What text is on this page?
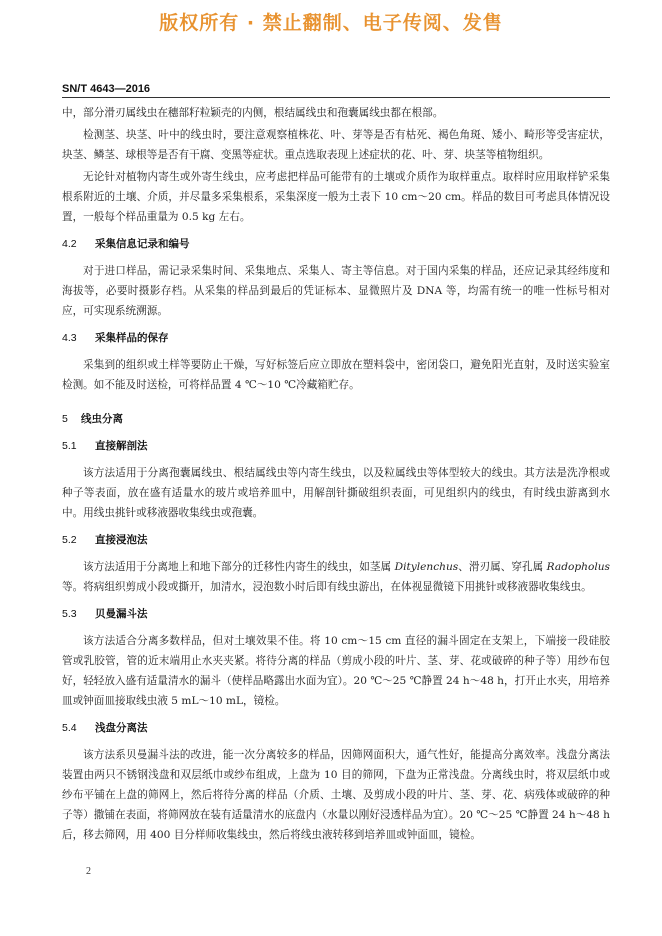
版权所有 · 禁止翻制、电子传阅、发售
SN/T 4643—2016

中，部分滑刃属线虫在穗部籽粒颖壳的内侧，根结属线虫和孢囊属线虫都在根部。

检测茎、块茎、叶中的线虫时，要注意观察植株花、叶、芽等是否有枯死、褐色角斑、矮小、畸形等受害症状，块茎、鳞茎、球根等是否有干腐、变黑等症状。重点选取表现上述症状的花、叶、芽、块茎等植物组织。

无论针对植物内寄生或外寄生线虫，应考虑把样品可能带有的土壤或介质作为取样重点。取样时应用取样铲采集根系附近的土壤、介质，并尽量多采集根系，采集深度一般为土表下 10 cm～20 cm。样品的数目可考虑具体情况设置，一般每个样品重量为 0.5 kg 左右。

4.2 采集信息记录和编号

对于进口样品，需记录采集时间、采集地点、采集人、寄主等信息。对于国内采集的样品，还应记录其经纬度和海拔等，必要时摄影存档。从采集的样品到最后的凭证标本、显微照片及 DNA 等，均需有统一的唯一性标号相对应，可实现系统溯源。

4.3 采集样品的保存

采集到的组织或土样等要防止干燥，写好标签后应立即放在塑料袋中，密闭袋口，避免阳光直射，及时送实验室检测。如不能及时送检，可将样品置 4 ℃～10 ℃冷藏箱贮存。

5 线虫分离
5.1 直接解剖法

该方法适用于分离孢囊属线虫、根结属线虫等内寄生线虫，以及粒属线虫等体型较大的线虫。其方法是洗净根或种子等表面，放在盛有适量水的玻片或培养皿中，用解剖针撕破组织表面，可见组织内的线虫，有时线虫游离到水中。用线虫挑针或移液器收集线虫或孢囊。

5.2 直接浸泡法

该方法适用于分离地上和地下部分的迁移性内寄生的线虫，如茎属 Ditylenchus、滑刃属、穿孔属 Radopholus 等。将病组织剪成小段或撕开，加清水，浸泡数小时后即有线虫游出，在体视显微镜下用挑针或移液器收集线虫。

5.3 贝曼漏斗法

该方法适合分离多数样品，但对土壤效果不佳。将 10 cm～15 cm 直径的漏斗固定在支架上，下端接一段硅胶管或乳胶管，管的近末端用止水夹夹紧。将待分离的样品（剪成小段的叶片、茎、芽、花或破碎的种子等）用纱布包好，轻轻放入盛有适量清水的漏斗（使样品略露出水面为宜）。20 ℃～25 ℃静置 24 h～48 h，打开止水夹，用培养皿或钟面皿接取线虫液 5 mL～10 mL，镜检。

5.4 浅盘分离法

该方法系贝曼漏斗法的改进，能一次分离较多的样品，因筛网面积大，通气性好，能提高分离效率。浅盘分离法装置由两只不锈钢浅盘和双层纸巾或纱布组成，上盘为 10 目的筛网，下盘为正常浅盘。分离线虫时，将双层纸巾或纱布平铺在上盘的筛网上，然后将待分离的样品（介质、土壤、及剪成小段的叶片、茎、芽、花、病残体或破碎的种子等）撒铺在表面，将筛网放在装有适量清水的底盘内（水量以刚好浸透样品为宜）。20 ℃～25 ℃静置 24 h～48 h 后，移去筛网，用 400 目分样师收集线虫，然后将线虫液转移到培养皿或钟面皿，镜检。

2
